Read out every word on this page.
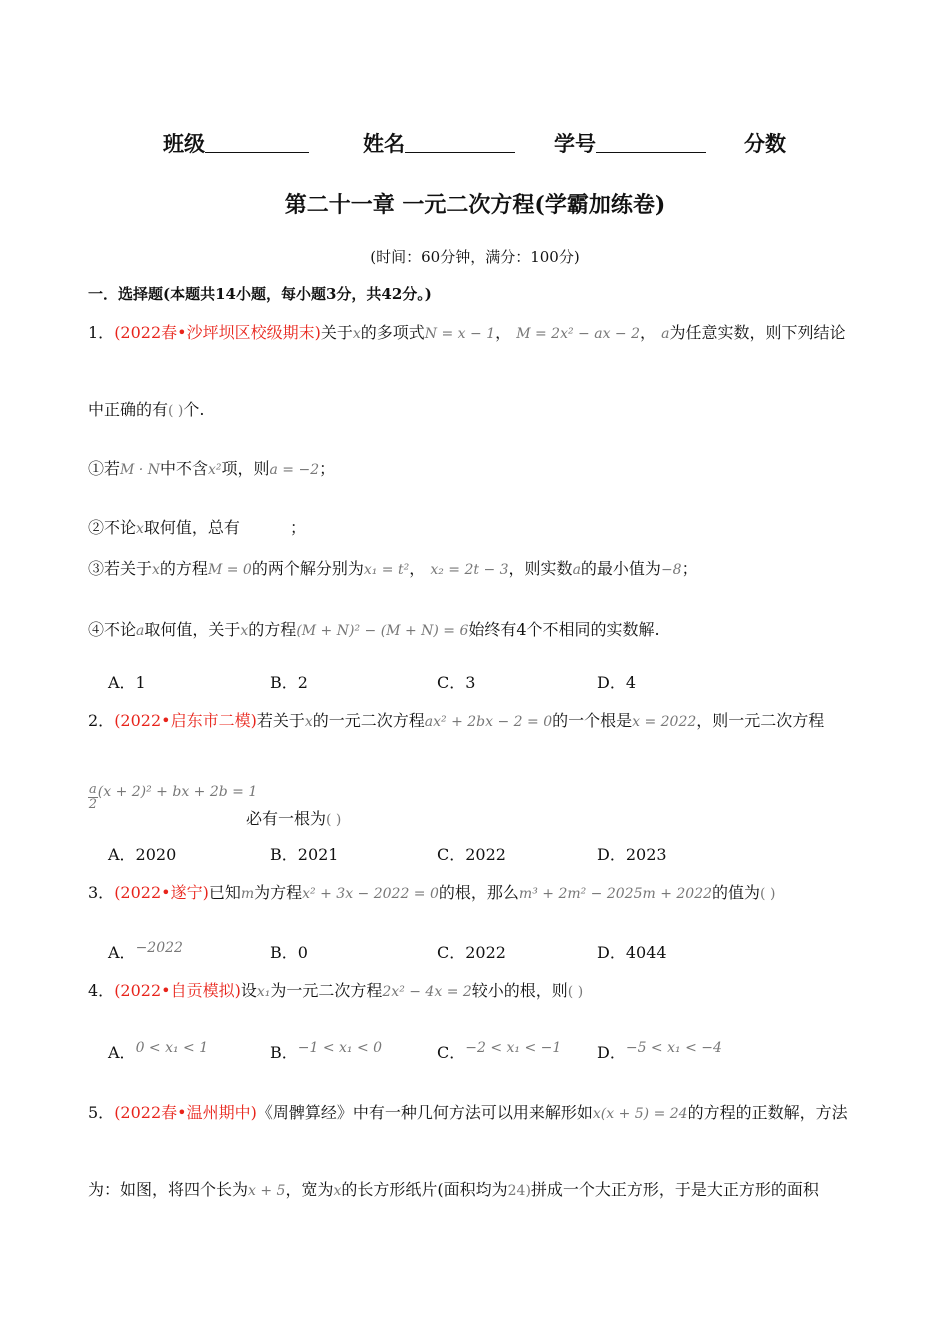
班级	姓名	学号	分数
第二十一章 一元二次方程(学霸加练卷)
(时间：60分钟，满分：100分)
一．选择题(本题共14小题，每小题3分，共42分。)
1．(2022春•沙坪坝区校级期末)关于x的多项式N = x − 1， M = 2x² − ax − 2， a为任意实数，则下列结论
中正确的有( )个.
①若M · N中不含x²项，则a = −2；
②不论x取何值，总有	；
③若关于x的方程M = 0的两个解分别为x₁ = t²， x₂ = 2t − 3，则实数a的最小值为−8；
④不论a取何值，关于x的方程(M + N)² − (M + N) = 6始终有4个不相同的实数解.
A．1	B．2	C．3	D．4
2．(2022•启东市二模)若关于x的一元二次方程ax² + 2bx − 2 = 0的一个根是x = 2022，则一元二次方程
$\frac{a}{2} (x + 2)^2$ + bx + 2b = 1
必有一根为( )
A．2020	B．2021	C．2022	D．2023
3．(2022•遂宁)已知m为方程x² + 3x − 2022 = 0的根，那么m³ + 2m² − 2025m + 2022的值为( )
A．−2022	B．0	C．2022	D．4044
4．(2022•自贡模拟)设x₁为一元二次方程2x² − 4x = 2较小的根，则( )
A．0 < x₁ < 1	B．−1 < x₁ < 0	C．−2 < x₁ < −1 D．−5 < x₁ < −4
5．(2022春•温州期中)《周髀算经》中有一种几何方法可以用来解形如x(x + 5) = 24的方程的正数解，方法
为：如图，将四个长为x + 5，宽为x的长方形纸片(面积均为24)拼成一个大正方形，于是大正方形的面积
